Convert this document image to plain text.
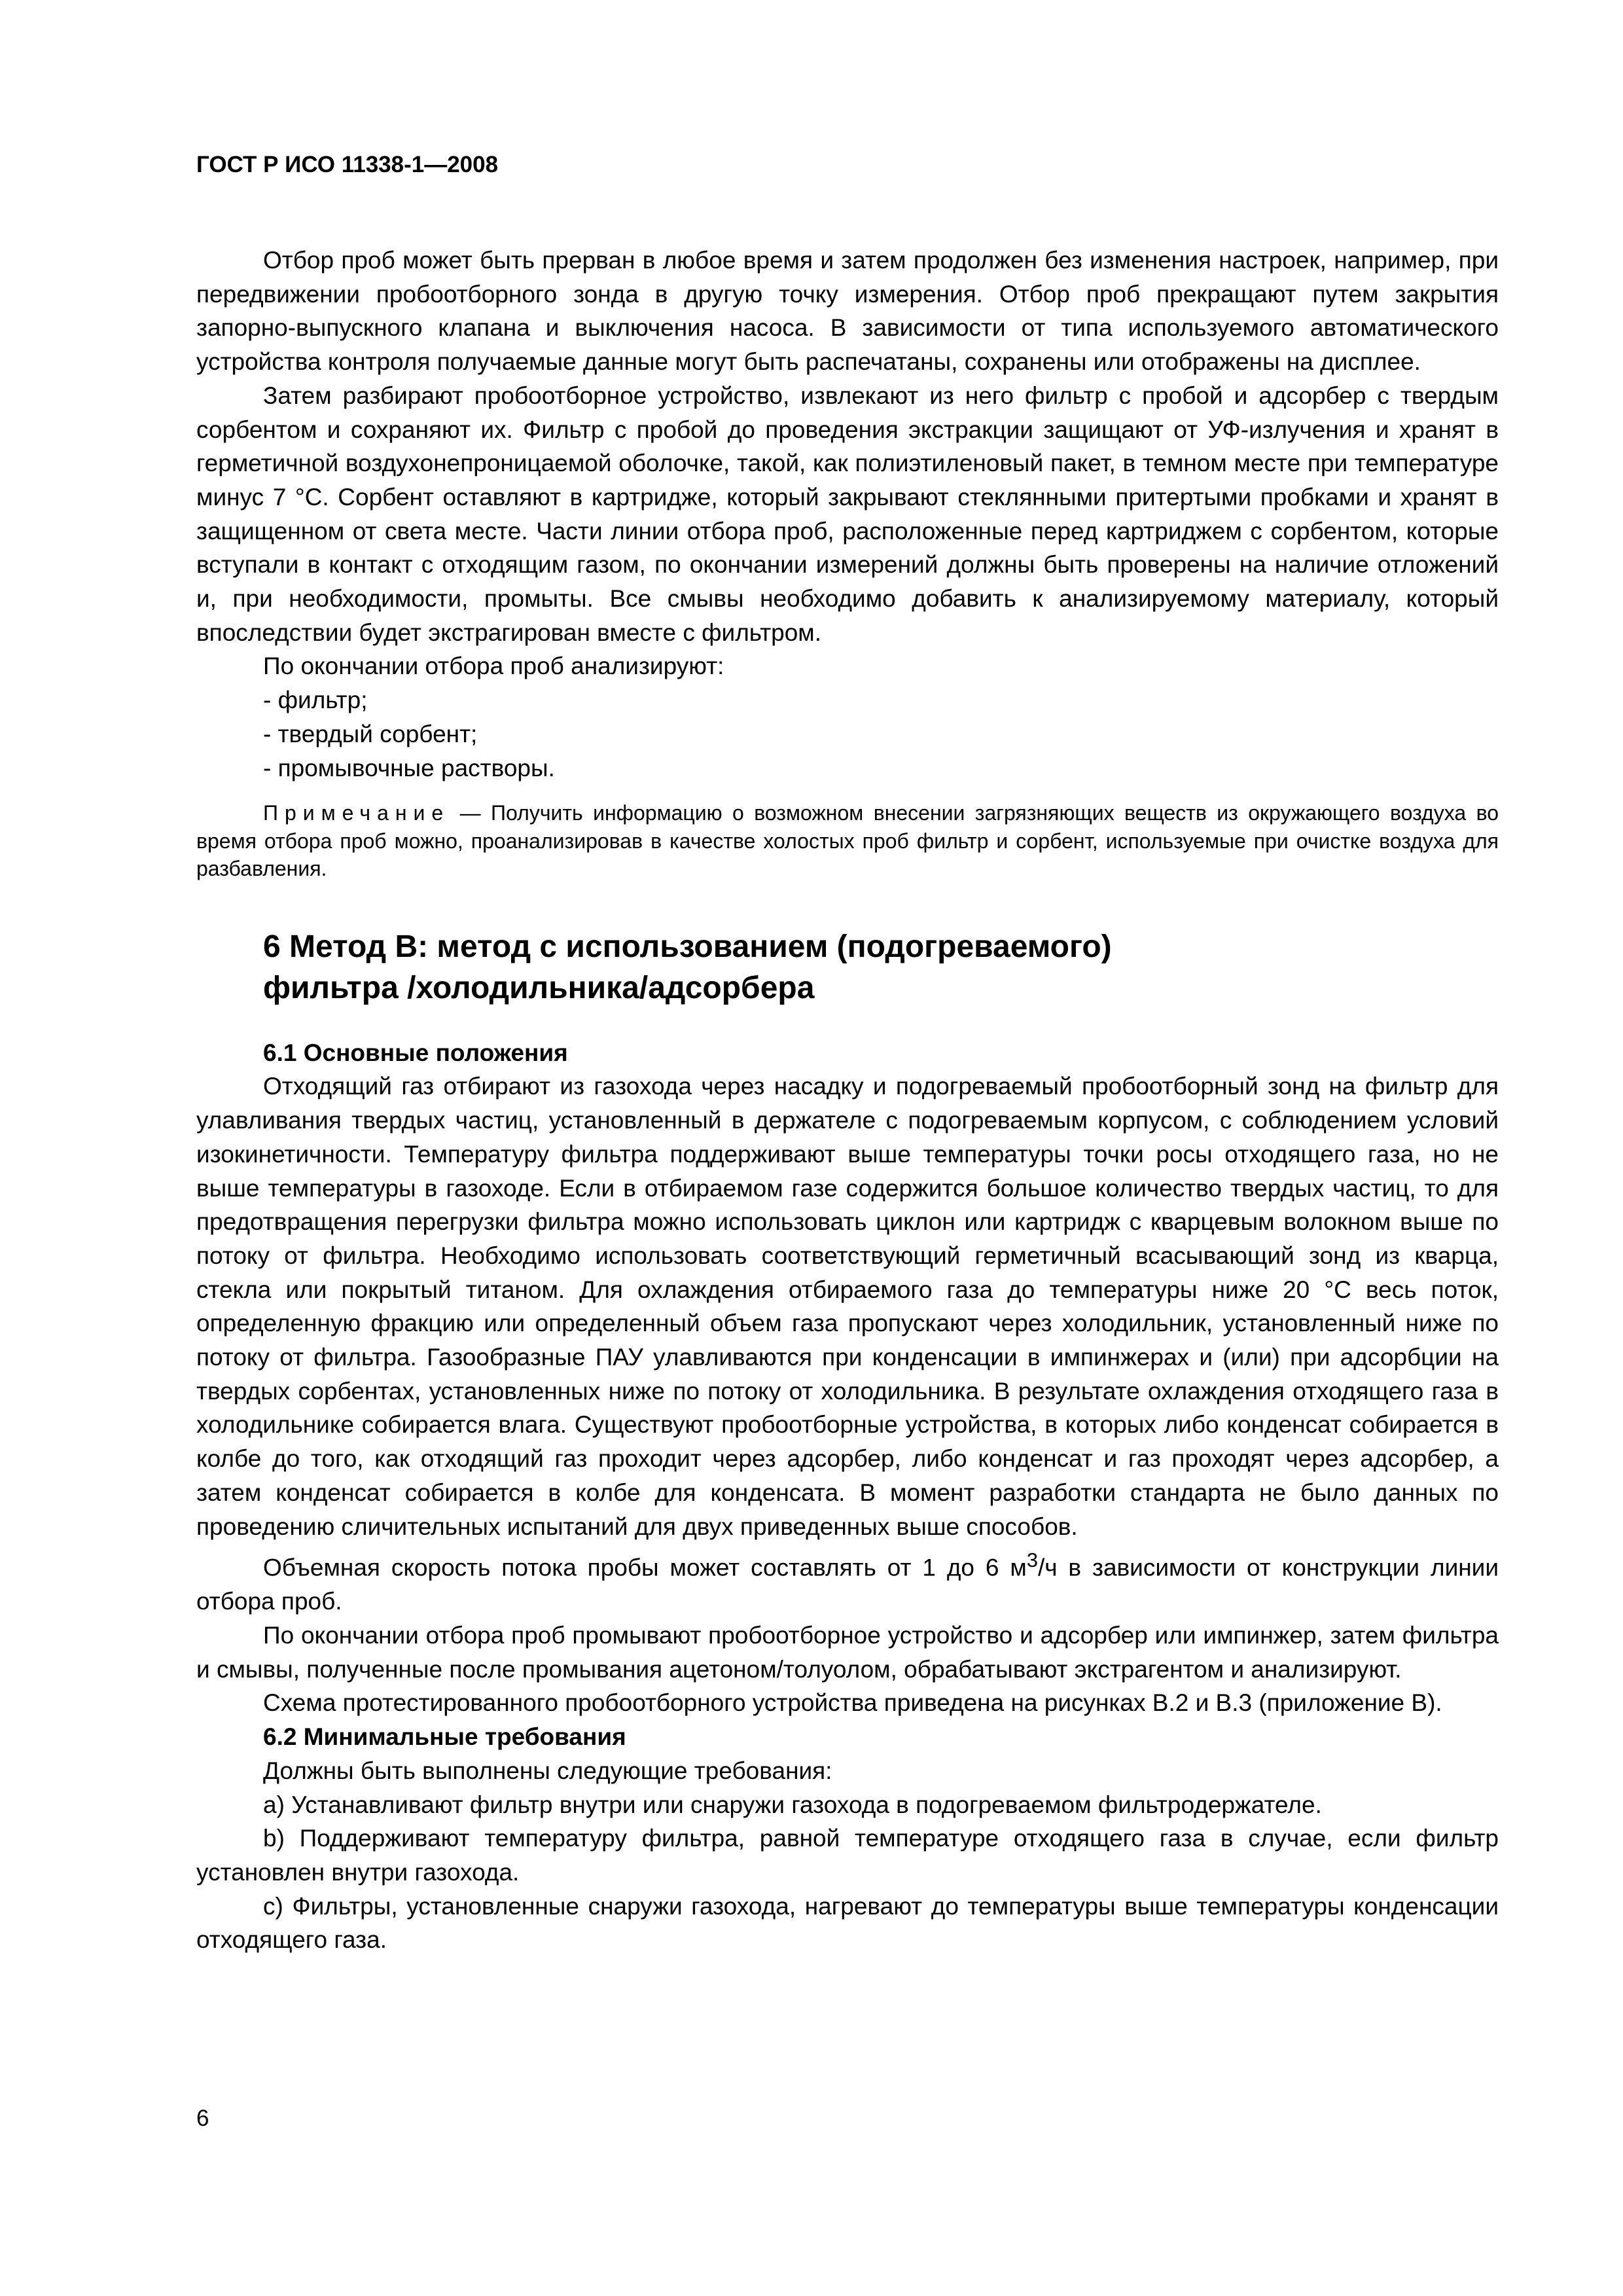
ГОСТ Р ИСО 11338-1—2008

Отбор проб может быть прерван в любое время и затем продолжен без изменения настроек, например, при передвижении пробоотборного зонда в другую точку измерения. Отбор проб прекращают путем закрытия запорно-выпускного клапана и выключения насоса. В зависимости от типа используемого автоматического устройства контроля получаемые данные могут быть распечатаны, сохранены или отображены на дисплее.

Затем разбирают пробоотборное устройство, извлекают из него фильтр с пробой и адсорбер с твердым сорбентом и сохраняют их. Фильтр с пробой до проведения экстракции защищают от УФ-излучения и хранят в герметичной воздухонепроницаемой оболочке, такой, как полиэтиленовый пакет, в темном месте при температуре минус 7 °С. Сорбент оставляют в картридже, который закрывают стеклянными притертыми пробками и хранят в защищенном от света месте. Части линии отбора проб, расположенные перед картриджем с сорбентом, которые вступали в контакт с отходящим газом, по окончании измерений должны быть проверены на наличие отложений и, при необходимости, промыты. Все смывы необходимо добавить к анализируемому материалу, который впоследствии будет экстрагирован вместе с фильтром.

По окончании отбора проб анализируют:

- фильтр;

- твердый сорбент;

- промывочные растворы.

Примечание — Получить информацию о возможном внесении загрязняющих веществ из окружающего воздуха во время отбора проб можно, проанализировав в качестве холостых проб фильтр и сорбент, используемые при очистке воздуха для разбавления.

6 Метод В: метод с использованием (подогреваемого)
фильтра /холодильника/адсорбера
6.1 Основные положения

Отходящий газ отбирают из газохода через насадку и подогреваемый пробоотборный зонд на фильтр для улавливания твердых частиц, установленный в держателе с подогреваемым корпусом, с соблюдением условий изокинетичности. Температуру фильтра поддерживают выше температуры точки росы отходящего газа, но не выше температуры в газоходе. Если в отбираемом газе содержится большое количество твердых частиц, то для предотвращения перегрузки фильтра можно использовать циклон или картридж с кварцевым волокном выше по потоку от фильтра. Необходимо использовать соответствующий герметичный всасывающий зонд из кварца, стекла или покрытый титаном. Для охлаждения отбираемого газа до температуры ниже 20 °С весь поток, определенную фракцию или определенный объем газа пропускают через холодильник, установленный ниже по потоку от фильтра. Газообразные ПАУ улавливаются при конденсации в импинжерах и (или) при адсорбции на твердых сорбентах, установленных ниже по потоку от холодильника. В результате охлаждения отходящего газа в холодильнике собирается влага. Существуют пробоотборные устройства, в которых либо конденсат собирается в колбе до того, как отходящий газ проходит через адсорбер, либо конденсат и газ проходят через адсорбер, а затем конденсат собирается в колбе для конденсата. В момент разработки стандарта не было данных по проведению сличительных испытаний для двух приведенных выше способов.

Объемная скорость потока пробы может составлять от 1 до 6 $м^3/ч$ в зависимости от конструкции линии отбора проб.

По окончании отбора проб промывают пробоотборное устройство и адсорбер или импинжер, затем фильтра и смывы, полученные после промывания ацетоном/толуолом, обрабатывают экстрагентом и анализируют.

Схема протестированного пробоотборного устройства приведена на рисунках В.2 и В.3 (приложение В).

6.2 Минимальные требования

Должны быть выполнены следующие требования:

а) Устанавливают фильтр внутри или снаружи газохода в подогреваемом фильтродержателе.

b) Поддерживают температуру фильтра, равной температуре отходящего газа в случае, если фильтр установлен внутри газохода.

с) Фильтры, установленные снаружи газохода, нагревают до температуры выше температуры конденсации отходящего газа.

6
